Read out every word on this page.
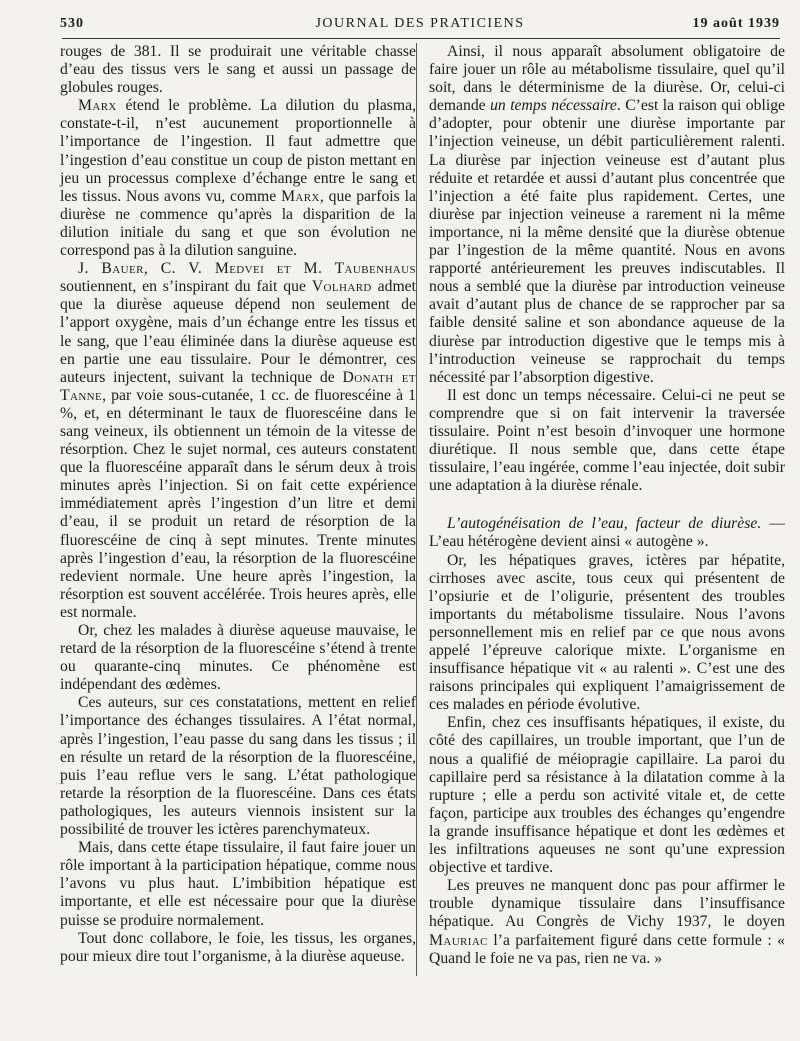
530	JOURNAL DES PRATICIENS	19 août 1939

rouges de 381. Il se produirait une véritable chasse d’eau des tissus vers le sang et aussi un passage de globules rouges.

Marx étend le problème. La dilution du plasma, constate-t-il, n’est aucunement proportionnelle à l’importance de l’ingestion. Il faut admettre que l’ingestion d’eau constitue un coup de piston mettant en jeu un processus complexe d’échange entre le sang et les tissus. Nous avons vu, comme Marx, que parfois la diurèse ne commence qu’après la disparition de la dilution initiale du sang et que son évolution ne correspond pas à la dilution sanguine.

J. Bauer, C. V. Medvei et M. Taubenhaus soutiennent, en s’inspirant du fait que Volhard admet que la diurèse aqueuse dépend non seulement de l’apport oxygène, mais d’un échange entre les tissus et le sang, que l’eau éliminée dans la diurèse aqueuse est en partie une eau tissulaire. Pour le démontrer, ces auteurs injectent, suivant la technique de Donath et Tanne, par voie sous-cutanée, 1 cc. de fluorescéine à 1 %, et, en déterminant le taux de fluorescéine dans le sang veineux, ils obtiennent un témoin de la vitesse de résorption. Chez le sujet normal, ces auteurs constatent que la fluorescéine apparaît dans le sérum deux à trois minutes après l’injection. Si on fait cette expérience immédiatement après l’ingestion d’un litre et demi d’eau, il se produit un retard de résorption de la fluorescéine de cinq à sept minutes. Trente minutes après l’ingestion d’eau, la résorption de la fluorescéine redevient normale. Une heure après l’ingestion, la résorption est souvent accélérée. Trois heures après, elle est normale.

Or, chez les malades à diurèse aqueuse mauvaise, le retard de la résorption de la fluorescéine s’étend à trente ou quarante-cinq minutes. Ce phénomène est indépendant des œdèmes.

Ces auteurs, sur ces constatations, mettent en relief l’importance des échanges tissulaires. A l’état normal, après l’ingestion, l’eau passe du sang dans les tissus ; il en résulte un retard de la résorption de la fluorescéine, puis l’eau reflue vers le sang. L’état pathologique retarde la résorption de la fluorescéine. Dans ces états pathologiques, les auteurs viennois insistent sur la possibilité de trouver les ictères parenchymateux.

Mais, dans cette étape tissulaire, il faut faire jouer un rôle important à la participation hépatique, comme nous l’avons vu plus haut. L’imbibition hépatique est importante, et elle est nécessaire pour que la diurèse puisse se produire normalement.

Tout donc collabore, le foie, les tissus, les organes, pour mieux dire tout l’organisme, à la diurèse aqueuse.

Ainsi, il nous apparaît absolument obligatoire de faire jouer un rôle au métabolisme tissulaire, quel qu’il soit, dans le déterminisme de la diurèse. Or, celui-ci demande un temps nécessaire. C’est la raison qui oblige d’adopter, pour obtenir une diurèse importante par l’injection veineuse, un débit particulièrement ralenti. La diurèse par injection veineuse est d’autant plus réduite et retardée et aussi d’autant plus concentrée que l’injection a été faite plus rapidement. Certes, une diurèse par injection veineuse a rarement ni la même importance, ni la même densité que la diurèse obtenue par l’ingestion de la même quantité. Nous en avons rapporté antérieurement les preuves indiscutables. Il nous a semblé que la diurèse par introduction veineuse avait d’autant plus de chance de se rapprocher par sa faible densité saline et son abondance aqueuse de la diurèse par introduction digestive que le temps mis à l’introduction veineuse se rapprochait du temps nécessité par l’absorption digestive.

Il est donc un temps nécessaire. Celui-ci ne peut se comprendre que si on fait intervenir la traversée tissulaire. Point n’est besoin d’invoquer une hormone diurétique. Il nous semble que, dans cette étape tissulaire, l’eau ingérée, comme l’eau injectée, doit subir une adaptation à la diurèse rénale.

L’autogénéisation de l’eau, facteur de diurèse. — L’eau hétérogène devient ainsi « autogène ».

Or, les hépatiques graves, ictères par hépatite, cirrhoses avec ascite, tous ceux qui présentent de l’opsiurie et de l’oligurie, présentent des troubles importants du métabolisme tissulaire. Nous l’avons personnellement mis en relief par ce que nous avons appelé l’épreuve calorique mixte. L’organisme en insuffisance hépatique vit « au ralenti ». C’est une des raisons principales qui expliquent l’amaigrissement de ces malades en période évolutive.

Enfin, chez ces insuffisants hépatiques, il existe, du côté des capillaires, un trouble important, que l’un de nous a qualifié de méiopragie capillaire. La paroi du capillaire perd sa résistance à la dilatation comme à la rupture ; elle a perdu son activité vitale et, de cette façon, participe aux troubles des échanges qu’engendre la grande insuffisance hépatique et dont les œdèmes et les infiltrations aqueuses ne sont qu’une expression objective et tardive.

Les preuves ne manquent donc pas pour affirmer le trouble dynamique tissulaire dans l’insuffisance hépatique. Au Congrès de Vichy 1937, le doyen Mauriac l’a parfaitement figuré dans cette formule : « Quand le foie ne va pas, rien ne va. »
